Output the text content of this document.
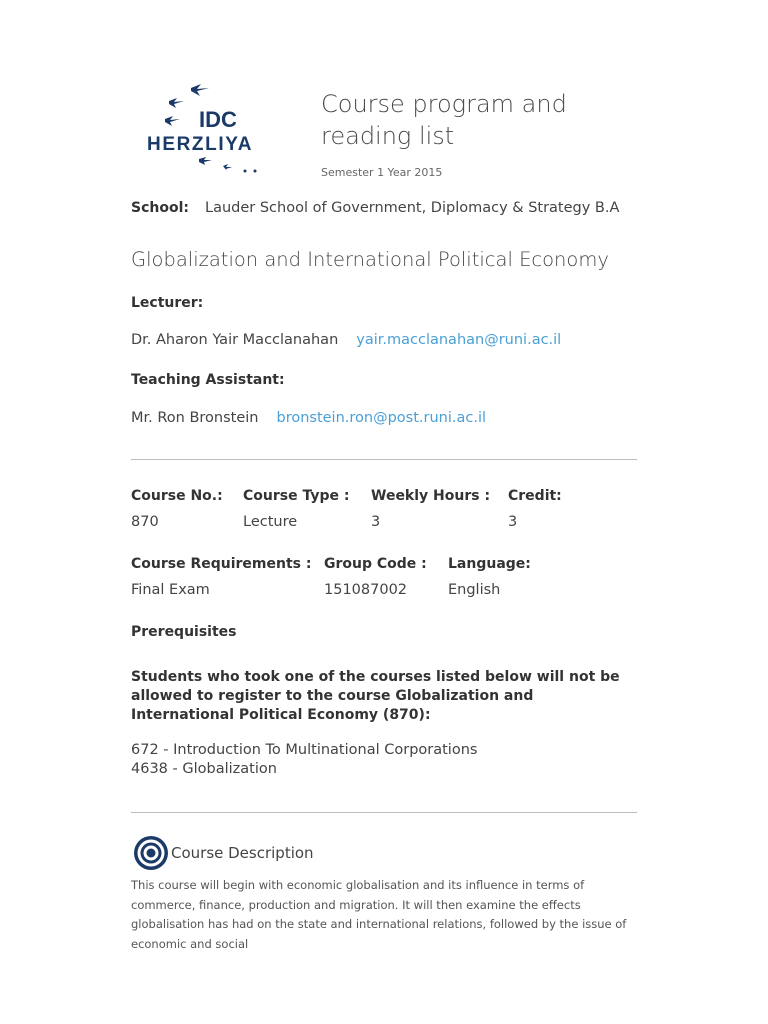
IDC
HERZLIYA
Course program and reading list
Semester 1 Year 2015
School: Lauder School of Government, Diplomacy & Strategy B.A
Globalization and International Political Economy
Lecturer:
Dr. Aharon Yair Macclanahan yair.macclanahan@runi.ac.il
Teaching Assistant:
Mr. Ron Bronstein bronstein.ron@post.runi.ac.il
Course No.:
870
Course Type :
Lecture
Weekly Hours :
3
Credit:
3
Course Requirements :
Final Exam
Group Code :
151087002
Language:
English
Prerequisites
Students who took one of the courses listed below will not be allowed to register to the course Globalization and International Political Economy (870):
672 - Introduction To Multinational Corporations
4638 - Globalization
Course Description
This course will begin with economic globalisation and its influence in terms of commerce, finance, production and migration. It will then examine the effects globalisation has had on the state and international relations, followed by the issue of economic and social
